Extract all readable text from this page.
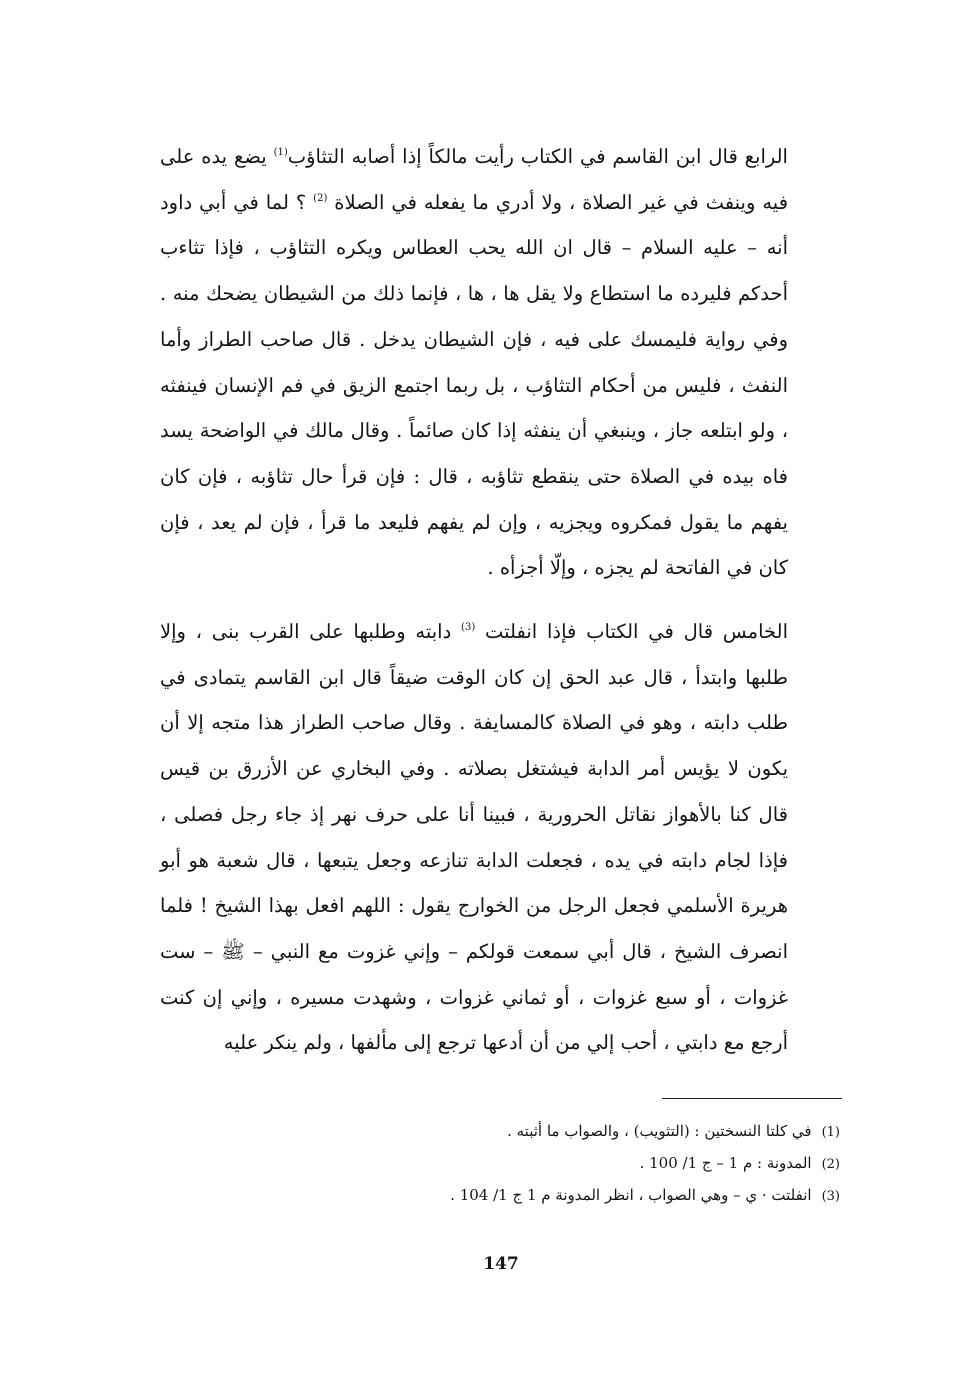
الرابع قال ابن القاسم في الكتاب رأيت مالكاً إذا أصابه التثاؤب$^{(1)}$ يضع يده على فيه وينفث في غير الصلاة ، ولا أدري ما يفعله في الصلاة $^{(2)}$ ؟ لما في أبي داود أنه – عليه السلام – قال ان الله يحب العطاس ويكره التثاؤب ، فإذا تثاءب أحدكم فليرده ما استطاع ولا يقل ها ، ها ، فإنما ذلك من الشيطان يضحك منه . وفي رواية فليمسك على فيه ، فإن الشيطان يدخل . قال صاحب الطراز وأما النفث ، فليس من أحكام التثاؤب ، بل ربما اجتمع الزيق في فم الإنسان فينفثه ، ولو ابتلعه جاز ، وينبغي أن ينفثه إذا كان صائماً . وقال مالك في الواضحة يسد فاه بيده في الصلاة حتى ينقطع تثاؤبه ، قال : فإن قرأ حال تثاؤبه ، فإن كان يفهم ما يقول فمكروه ويجزيه ، وإن لم يفهم فليعد ما قرأ ، فإن لم يعد ، فإن كان في الفاتحة لم يجزه ، وإلّا أجزأه .

الخامس قال في الكتاب فإذا انفلتت $^{(3)}$ دابته وطلبها على القرب بنى ، وإلا طلبها وابتدأ ، قال عبد الحق إن كان الوقت ضيقاً قال ابن القاسم يتمادى في طلب دابته ، وهو في الصلاة كالمسايفة . وقال صاحب الطراز هذا متجه إلا أن يكون لا يؤيس أمر الدابة فيشتغل بصلاته . وفي البخاري عن الأزرق بن قيس قال كنا بالأهواز نقاتل الحرورية ، فبينا أنا على حرف نهر إذ جاء رجل فصلى ، فإذا لجام دابته في يده ، فجعلت الدابة تنازعه وجعل يتبعها ، قال شعبة هو أبو هريرة الأسلمي فجعل الرجل من الخوارج يقول : اللهم افعل بهذا الشيخ ! فلما انصرف الشيخ ، قال أبي سمعت قولكم – وإني غزوت مع النبي – ﷺ – ست غزوات ، أو سبع غزوات ، أو ثماني غزوات ، وشهدت مسيره ، وإني إن كنت أرجع مع دابتي ، أحب إلي من أن أدعها ترجع إلى مألفها ، ولم ينكر عليه

(1)في كلتا النسختين : (التثويب) ، والصواب ما أثبته .

(2)المدونة : م 1 – ج 1/ 100 .

(3)انفلتت · ي – وهي الصواب ، انظر المدونة م 1 ج 1/ 104 .

147
